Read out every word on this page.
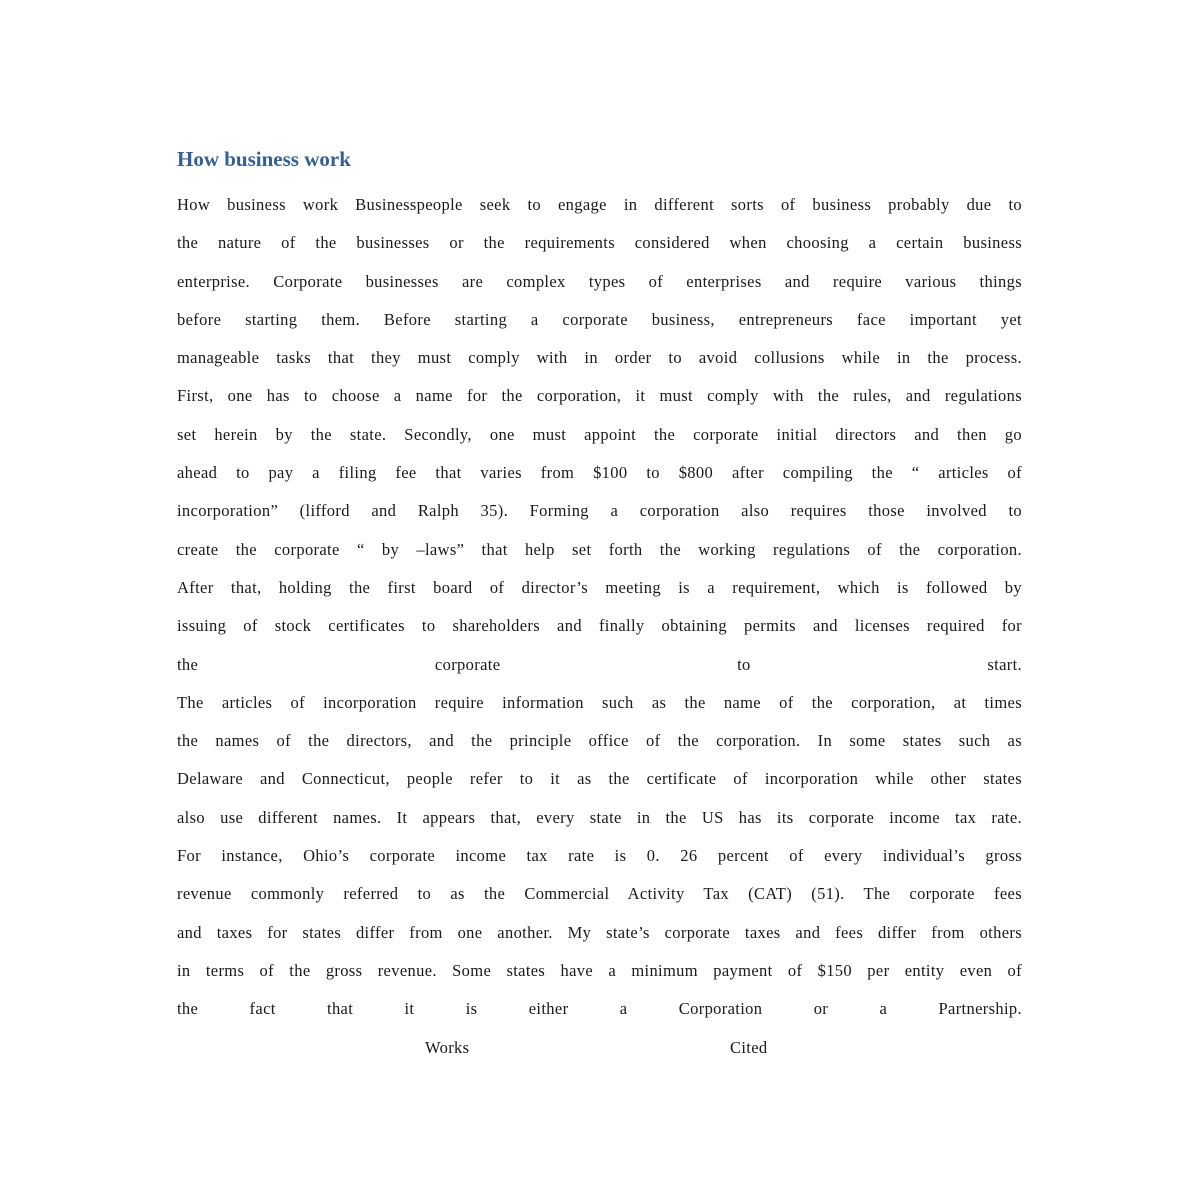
How business work
How business work Businesspeople seek to engage in different sorts of business probably due to
the nature of the businesses or the requirements considered when choosing a certain business
enterprise. Corporate businesses are complex types of enterprises and require various things
before starting them. Before starting a corporate business, entrepreneurs face important yet
manageable tasks that they must comply with in order to avoid collusions while in the process.
First, one has to choose a name for the corporation, it must comply with the rules, and regulations
set herein by the state. Secondly, one must appoint the corporate initial directors and then go
ahead to pay a filing fee that varies from $100 to $800 after compiling the “ articles of
incorporation” (lifford and Ralph 35). Forming a corporation also requires those involved to
create the corporate “ by –laws” that help set forth the working regulations of the corporation.
After that, holding the first board of director’s meeting is a requirement, which is followed by
issuing of stock certificates to shareholders and finally obtaining permits and licenses required for
the corporate to start.
The articles of incorporation require information such as the name of the corporation, at times
the names of the directors, and the principle office of the corporation. In some states such as
Delaware and Connecticut, people refer to it as the certificate of incorporation while other states
also use different names. It appears that, every state in the US has its corporate income tax rate.
For instance, Ohio’s corporate income tax rate is 0. 26 percent of every individual’s gross
revenue commonly referred to as the Commercial Activity Tax (CAT) (51). The corporate fees
and taxes for states differ from one another. My state’s corporate taxes and fees differ from others
in terms of the gross revenue. Some states have a minimum payment of $150 per entity even of
the fact that it is either a Corporation or a Partnership.
Works	Cited
